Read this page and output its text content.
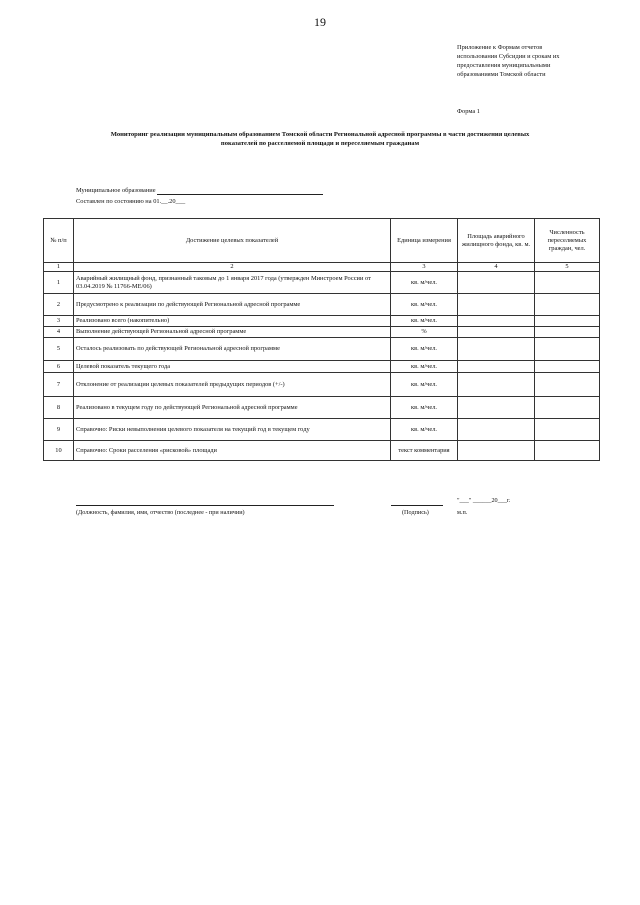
19
Приложение к Формам отчетов
использования Субсидии и срокам их
предоставления муниципальными
образованиями Томской области
Форма 1
Мониторинг реализации муниципальным образованием Томской области Региональной адресной программы в части достижения целевых
показателей по расселяемой площади и переселяемым гражданам
Муниципальное образование
Составлен по состоянию на 01.__.20___
№ п/п	Достижение целевых показателей	Единица измерения	Площадь аварийного жилищного фонда, кв. м.	Численность переселяемых граждан, чел.
1	2	3	4	5
1	Аварийный жилищный фонд, признанный таковым до 1 января 2017 года (утвержден Минстроем России от 03.04.2019 № 11766-МЕ/06)	кв. м/чел.		
2	Предусмотрено к реализации по действующей Региональной адресной программе	кв. м/чел.		
3	Реализовано всего (накопительно)	кв. м/чел.		
4	Выполнение действующей Региональной адресной программе	%		
5	Осталось реализовать по действующей Региональной адресной программе	кв. м/чел.		
6	Целевой показатель текущего года	кв. м/чел.		
7	Отклонение от реализации целевых показателей предыдущих периодов (+/-)	кв. м/чел.		
8	Реализовано в текущем году по действующей Региональной адресной программе	кв. м/чел.		
9	Справочно: Риски невыполнения целевого показателя на текущий год в текущем году	кв. м/чел.		
10	Справочно: Сроки расселения «рисковой» площади	текст комментария		
(Должность, фамилия, имя, отчество (последнее - при наличии)	(Подпись)
"___" ______20___г.
м.п.
